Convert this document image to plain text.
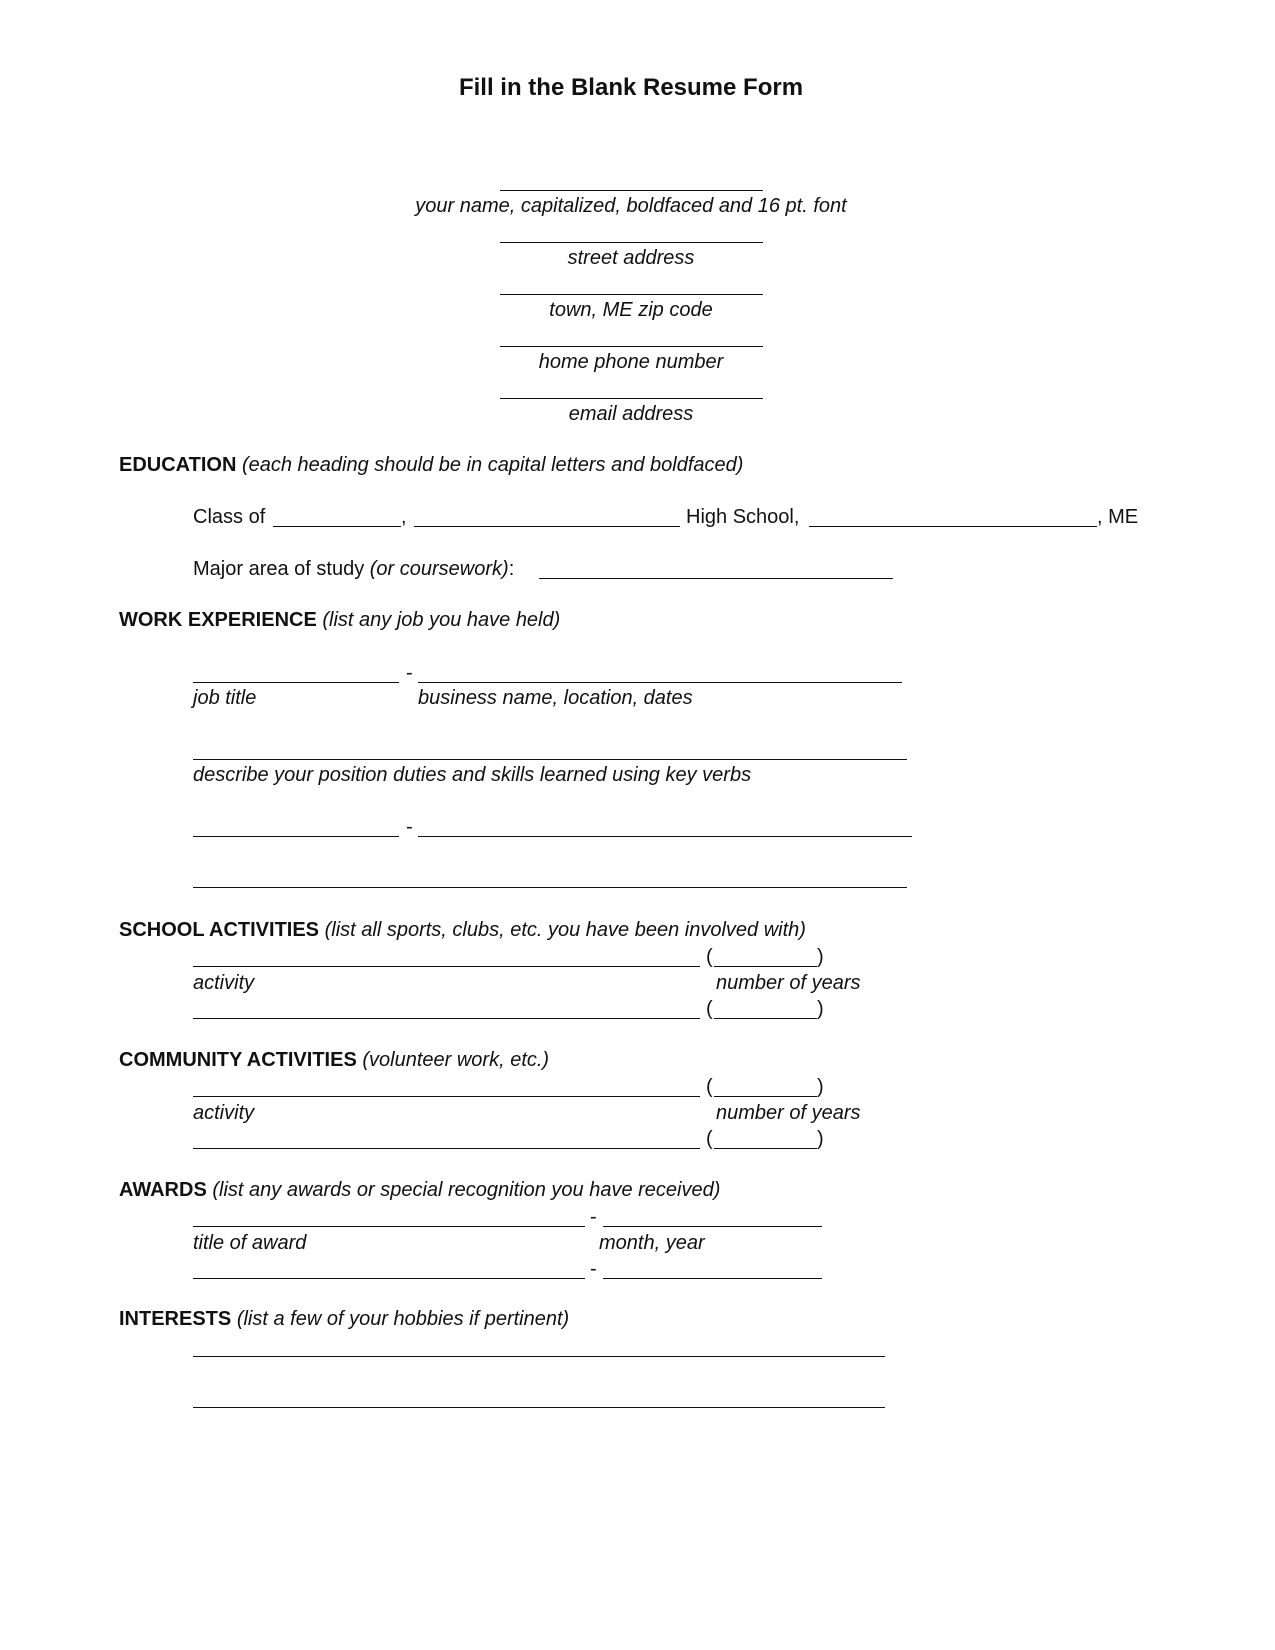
Fill in the Blank Resume Form
your name, capitalized, boldfaced and 16 pt. font
street address
town, ME zip code
home phone number
email address
EDUCATION (each heading should be in capital letters and boldfaced)
Class of	,	High School,	, ME
Major area of study (or coursework):
WORK EXPERIENCE (list any job you have held)
-
job title	business name, location, dates
describe your position duties and skills learned using key verbs
-
SCHOOL ACTIVITIES (list all sports, clubs, etc. you have been involved with)
(	)
activity	number of years
(	)
COMMUNITY ACTIVITIES (volunteer work, etc.)
(	)
activity	number of years
(	)
AWARDS (list any awards or special recognition you have received)
-
title of award	month, year
-
INTERESTS (list a few of your hobbies if pertinent)
